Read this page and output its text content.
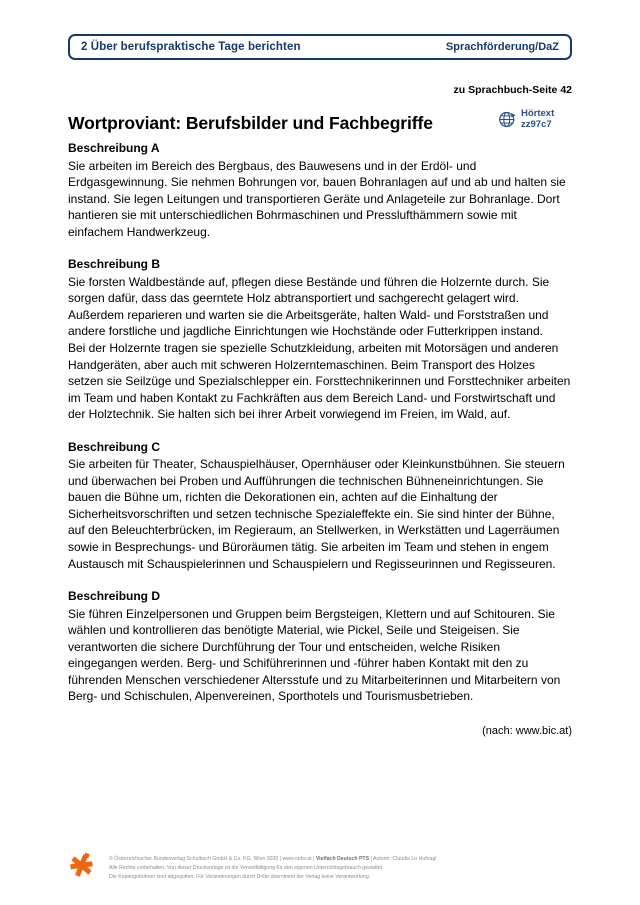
2 Über berufspraktische Tage berichten	Sprachförderung/DaZ
zu Sprachbuch-Seite 42
Wortproviant: Berufsbilder und Fachbegriffe	Hörtext
zz97c7

Beschreibung A

Sie arbeiten im Bereich des Bergbaus, des Bauwesens und in der Erdöl- und Erdgasgewinnung. Sie nehmen Bohrungen vor, bauen Bohranlagen auf und ab und halten sie instand. Sie legen Leitungen und transportieren Geräte und Anlageteile zur Bohranlage. Dort hantieren sie mit unterschiedlichen Bohrmaschinen und Presslufthämmern sowie mit einfachem Handwerkzeug.

Beschreibung B

Sie forsten Waldbestände auf, pflegen diese Bestände und führen die Holzernte durch. Sie sorgen dafür, dass das geerntete Holz abtransportiert und sachgerecht gelagert wird. Außerdem reparieren und warten sie die Arbeitsgeräte, halten Wald- und Forststraßen und andere forstliche und jagdliche Einrichtungen wie Hochstände oder Futterkrippen instand.

Bei der Holzernte tragen sie spezielle Schutzkleidung, arbeiten mit Motorsägen und anderen Handgeräten, aber auch mit schweren Holzerntemaschinen. Beim Transport des Holzes setzen sie Seilzüge und Spezialschlepper ein. Forsttechnikerinnen und Forsttechniker arbeiten im Team und haben Kontakt zu Fachkräften aus dem Bereich Land- und Forstwirtschaft und der Holztechnik. Sie halten sich bei ihrer Arbeit vorwiegend im Freien, im Wald, auf.

Beschreibung C

Sie arbeiten für Theater, Schauspielhäuser, Opernhäuser oder Kleinkunstbühnen. Sie steuern und überwachen bei Proben und Aufführungen die technischen Bühneneinrichtungen. Sie bauen die Bühne um, richten die Dekorationen ein, achten auf die Einhaltung der Sicherheitsvorschriften und setzen technische Spezialeffekte ein. Sie sind hinter der Bühne, auf den Beleuchterbrücken, im Regieraum, an Stellwerken, in Werkstätten und Lagerräumen sowie in Besprechungs- und Büroräumen tätig. Sie arbeiten im Team und stehen in engem Austausch mit Schauspielerinnen und Schauspielern und Regisseurinnen und Regisseuren.

Beschreibung D

Sie führen Einzelpersonen und Gruppen beim Bergsteigen, Klettern und auf Schitouren. Sie wählen und kontrollieren das benötigte Material, wie Pickel, Seile und Steigeisen. Sie verantworten die sichere Durchführung der Tour und entscheiden, welche Risiken eingegangen werden. Berg- und Schiführerinnen und -führer haben Kontakt mit den zu führenden Menschen verschiedener Altersstufe und zu Mitarbeiterinnen und Mitarbeitern von Berg- und Schischulen, Alpenvereinen, Sporthotels und Tourismusbetrieben.

(nach: www.bic.at)
© Österreichischer Bundesverlag Schulbuch GmbH & Co. KG, Wien 2020 | www.oebv.at | Vielfach Deutsch PTS | Autorin: Claudia Lo Hufnagl
Alle Rechte vorbehalten. Von dieser Druckvorlage ist die Vervielfältigung für den eigenen Unterrichtsgebrauch gestattet.
Die Kopiergebühren sind abgegolten. Für Veränderungen durch Dritte übernimmt der Verlag keine Verantwortung.
